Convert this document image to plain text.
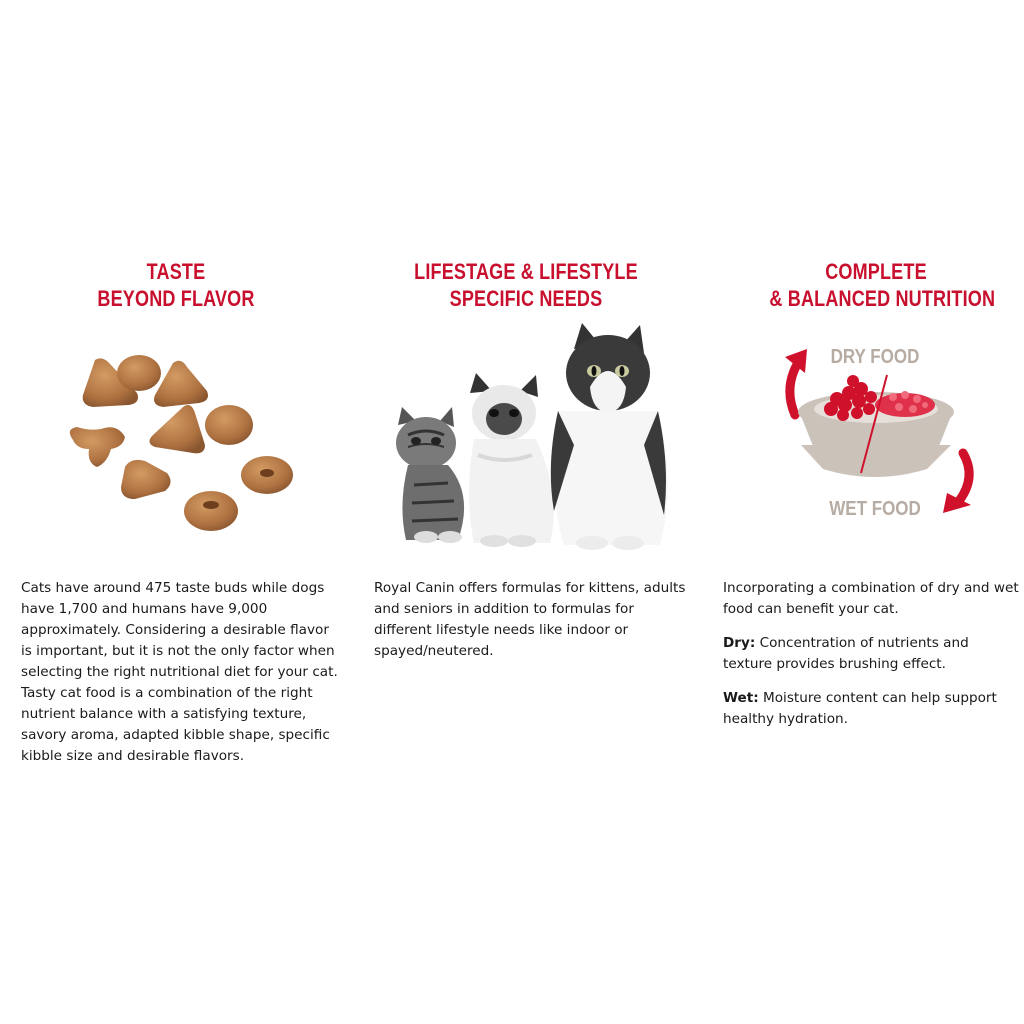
TASTE
BEYOND FLAVOR

Cats have around 475 taste buds while dogs have 1,700 and humans have 9,000 approximately. Considering a desirable flavor is important, but it is not the only factor when selecting the right nutritional diet for your cat. Tasty cat food is a combination of the right nutrient balance with a satisfying texture, savory aroma, adapted kibble shape, specific kibble size and desirable flavors.

LIFESTAGE & LIFESTYLE
SPECIFIC NEEDS

Royal Canin offers formulas for kittens, adults and seniors in addition to formulas for different lifestyle needs like indoor or spayed/neutered.

COMPLETE
& BALANCED NUTRITION
DRY FOOD
WET FOOD

Incorporating a combination of dry and wet food can benefit your cat.

Dry: Concentration of nutrients and texture provides brushing effect.

Wet: Moisture content can help support healthy hydration.
